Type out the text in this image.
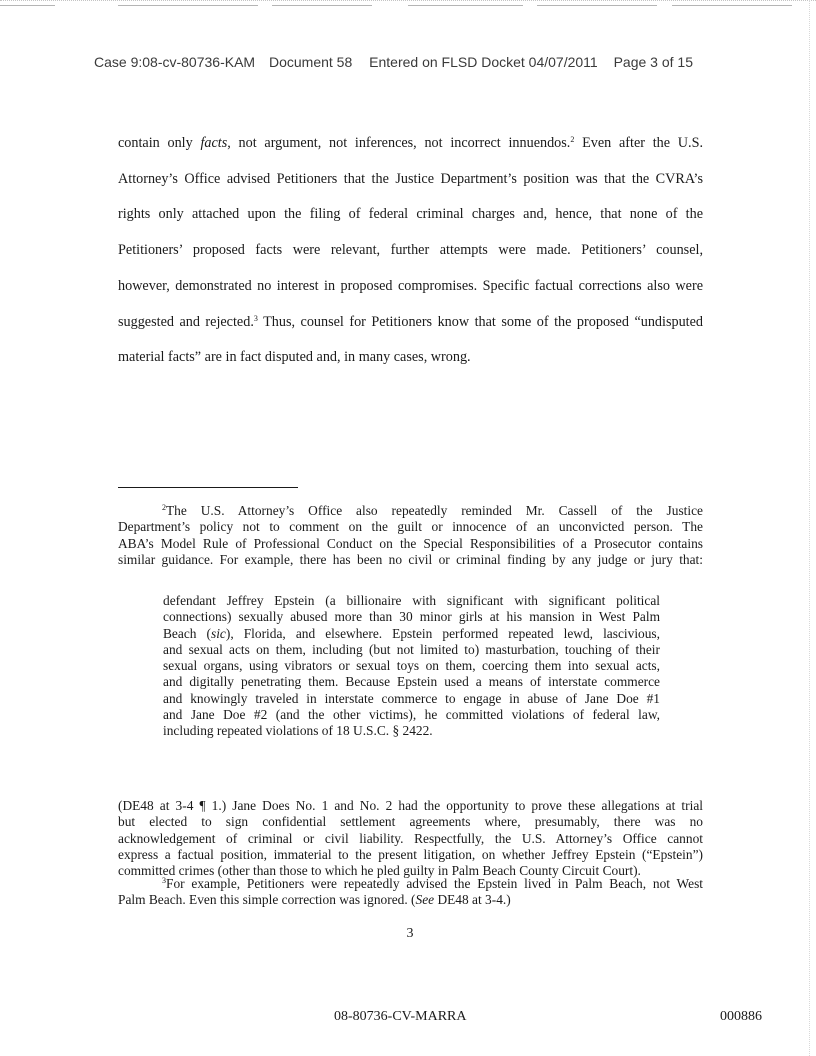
Case 9:08-cv-80736-KAM Document 58 Entered on FLSD Docket 04/07/2011 Page 3 of 15
contain only facts, not argument, not inferences, not incorrect innuendos.$^2$ Even after the U.S.
Attorney’s Office advised Petitioners that the Justice Department’s position was that the CVRA’s
rights only attached upon the filing of federal criminal charges and, hence, that none of the
Petitioners’ proposed facts were relevant, further attempts were made. Petitioners’ counsel,
however, demonstrated no interest in proposed compromises. Specific factual corrections also were
suggested and rejected.$^3$ Thus, counsel for Petitioners know that some of the proposed “undisputed
material facts” are in fact disputed and, in many cases, wrong.
$^2$The U.S. Attorney’s Office also repeatedly reminded Mr. Cassell of the Justice
Department’s policy not to comment on the guilt or innocence of an unconvicted person. The
ABA’s Model Rule of Professional Conduct on the Special Responsibilities of a Prosecutor contains
similar guidance. For example, there has been no civil or criminal finding by any judge or jury that:
defendant Jeffrey Epstein (a billionaire with significant with significant political
connections) sexually abused more than 30 minor girls at his mansion in West Palm
Beach (sic), Florida, and elsewhere. Epstein performed repeated lewd, lascivious,
and sexual acts on them, including (but not limited to) masturbation, touching of their
sexual organs, using vibrators or sexual toys on them, coercing them into sexual acts,
and digitally penetrating them. Because Epstein used a means of interstate commerce
and knowingly traveled in interstate commerce to engage in abuse of Jane Doe #1
and Jane Doe #2 (and the other victims), he committed violations of federal law,
including repeated violations of 18 U.S.C. § 2422.
(DE48 at 3-4 ¶ 1.) Jane Does No. 1 and No. 2 had the opportunity to prove these allegations at trial
but elected to sign confidential settlement agreements where, presumably, there was no
acknowledgement of criminal or civil liability. Respectfully, the U.S. Attorney’s Office cannot
express a factual position, immaterial to the present litigation, on whether Jeffrey Epstein (“Epstein”)
committed crimes (other than those to which he pled guilty in Palm Beach County Circuit Court).
$^3$For example, Petitioners were repeatedly advised the Epstein lived in Palm Beach, not West
Palm Beach. Even this simple correction was ignored. (See DE48 at 3-4.)
3
08-80736-CV-MARRA	000886
